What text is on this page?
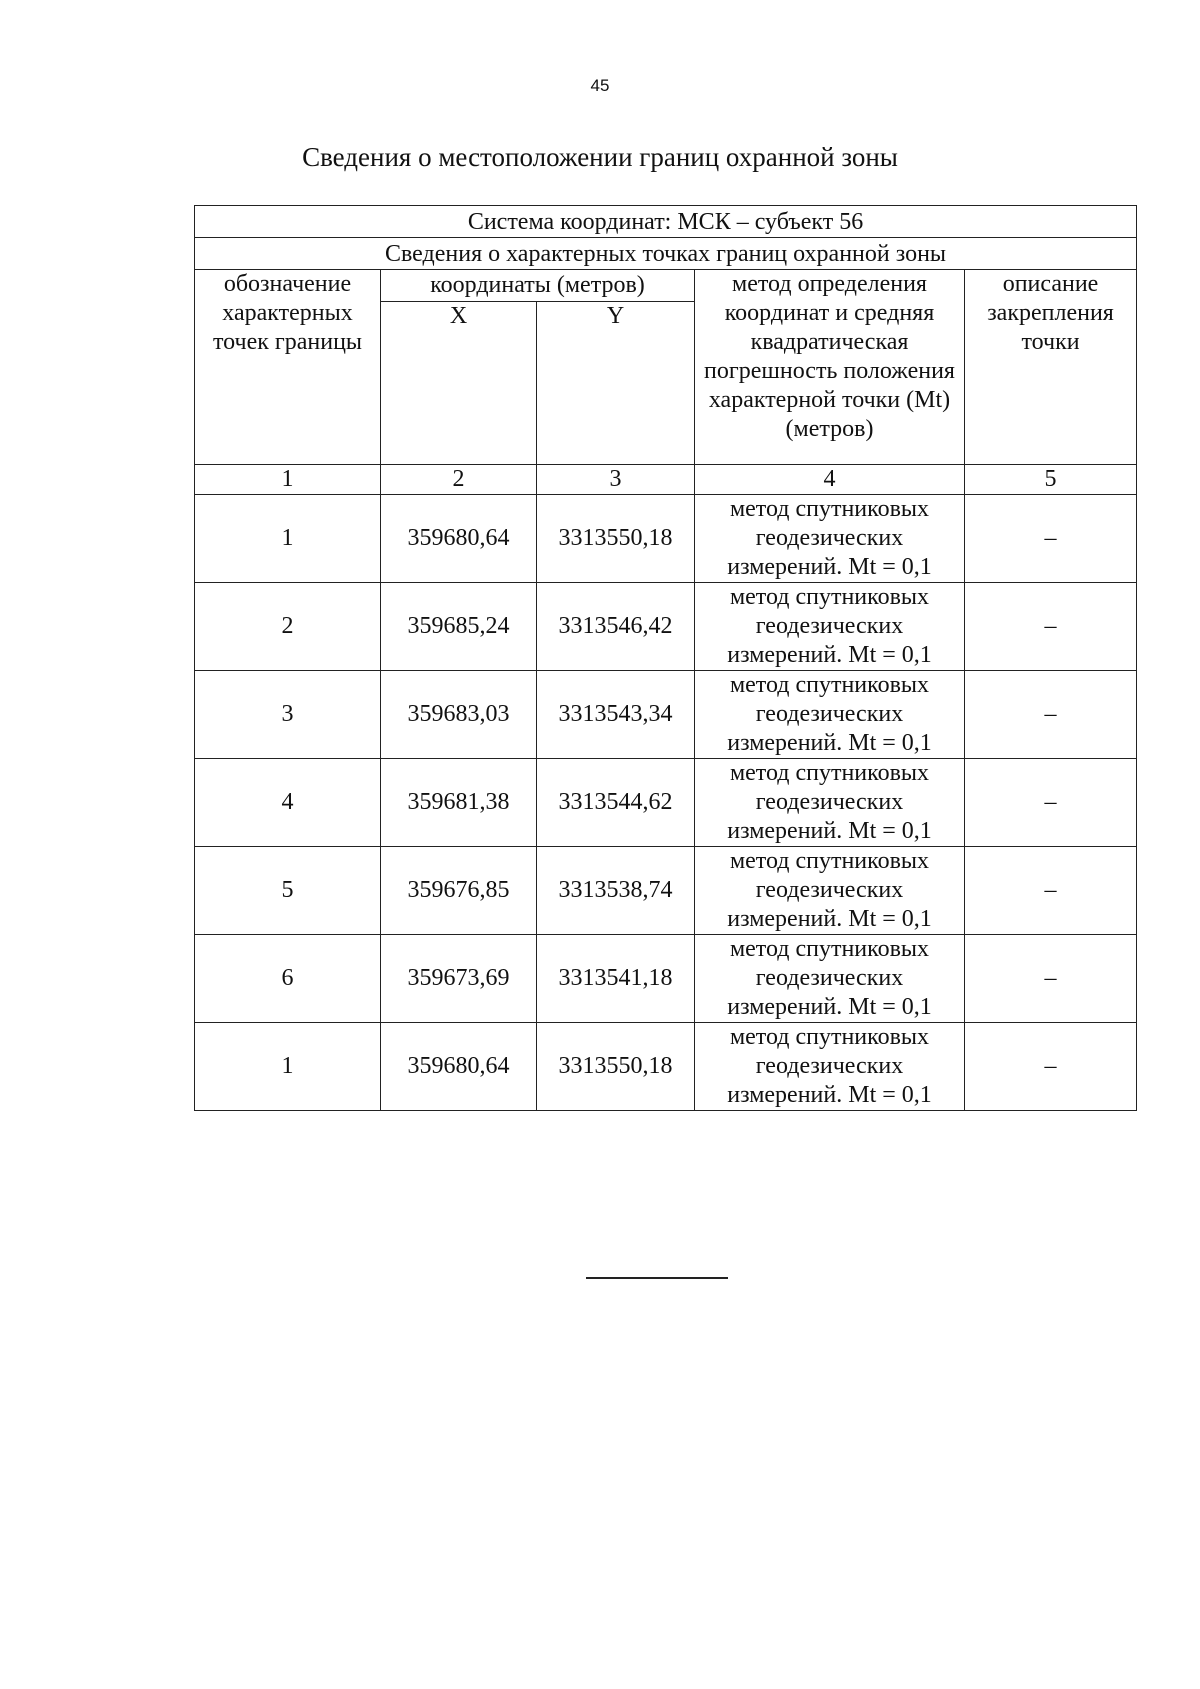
45
Сведения о местоположении границ охранной зоны
Система координат: МСК – субъект 56				
Сведения о характерных точках границ охранной зоны				
обозначение характерных точек границы	координаты (метров)		метод определения координат и средняя квадратическая погрешность положения характерной точки (Mt) (метров)	описание закрепления точки
	X	Y		
1	2	3	4	5
1	359680,64	3313550,18	метод спутниковых геодезических измерений. Mt = 0,1	–
2	359685,24	3313546,42	метод спутниковых геодезических измерений. Mt = 0,1	–
3	359683,03	3313543,34	метод спутниковых геодезических измерений. Mt = 0,1	–
4	359681,38	3313544,62	метод спутниковых геодезических измерений. Mt = 0,1	–
5	359676,85	3313538,74	метод спутниковых геодезических измерений. Mt = 0,1	–
6	359673,69	3313541,18	метод спутниковых геодезических измерений. Mt = 0,1	–
1	359680,64	3313550,18	метод спутниковых геодезических измерений. Mt = 0,1	–
